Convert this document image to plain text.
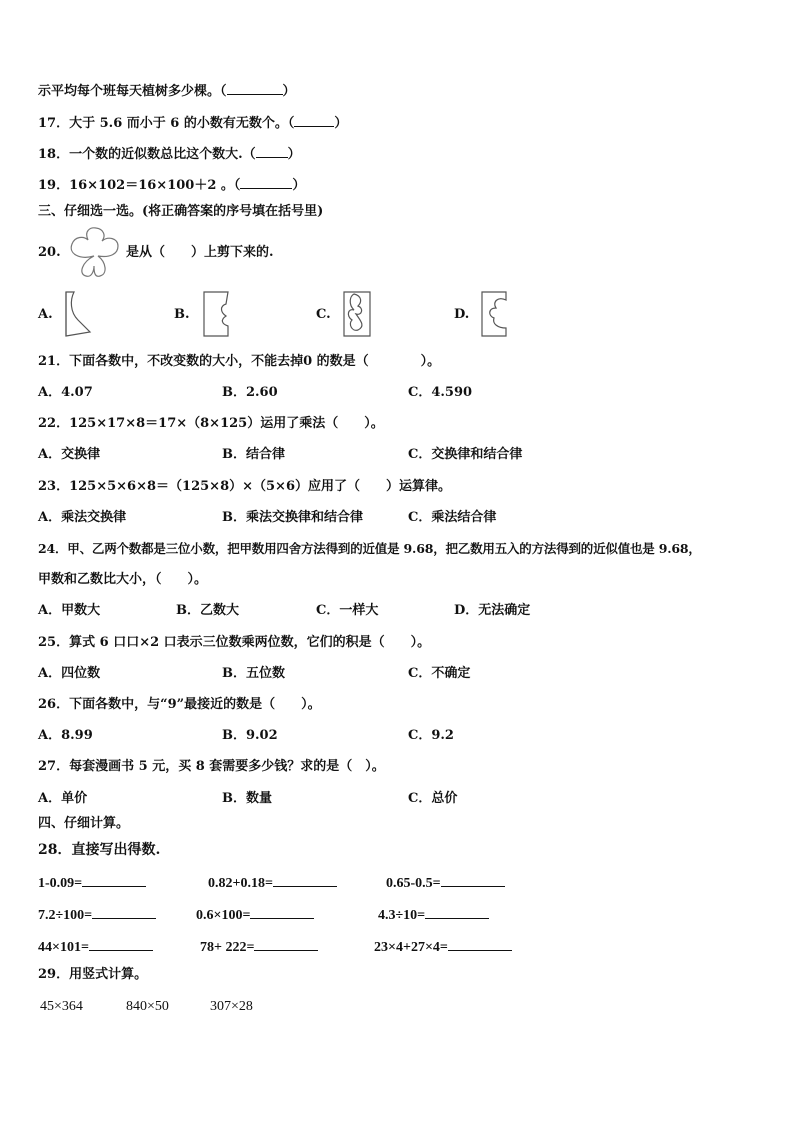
示平均每个班每天植树多少棵。（	）
17．大于 5.6 而小于 6 的小数有无数个。（	）
18．一个数的近似数总比这个数大.（ ）
19．16×102＝16×100＋2 。（	）
三、仔细选一选。(将正确答案的序号填在括号里)
20.	是从（　　）上剪下来的.
A.	B.	C.	D.
21．下面各数中，不改变数的大小，不能去掉0 的数是（　　　　）。
A．4.07	B．2.60	C．4.590
22．125×17×8＝17×（8×125）运用了乘法（　　）。
A．交换律	B．结合律	C．交换律和结合律
23．125×5×6×8＝（125×8）×（5×6）应用了（　　）运算律。
A．乘法交换律	B．乘法交换律和结合律	C．乘法结合律
24．甲、乙两个数都是三位小数，把甲数用四舍方法得到的近值是 9.68，把乙数用五入的方法得到的近似值也是 9.68，
甲数和乙数比大小，（　　）。
A．甲数大	B．乙数大	C．一样大	D．无法确定
25．算式 6 口口×2 口表示三位数乘两位数，它们的积是（　　）。
A．四位数	B．五位数	C．不确定
26．下面各数中，与“9”最接近的数是（　　）。
A．8.99	B．9.02	C．9.2
27．每套漫画书 5 元，买 8 套需要多少钱？求的是（　）。
A．单价	B．数量	C．总价
四、仔细计算。
28．直接写出得数.
1-0.09=	0.82+0.18=	0.65-0.5=
7.2÷100=	0.6×100=	4.3÷10=
44×101=	78+ 222=	23×4+27×4=
29．用竖式计算。
45×364	840×50	307×28
